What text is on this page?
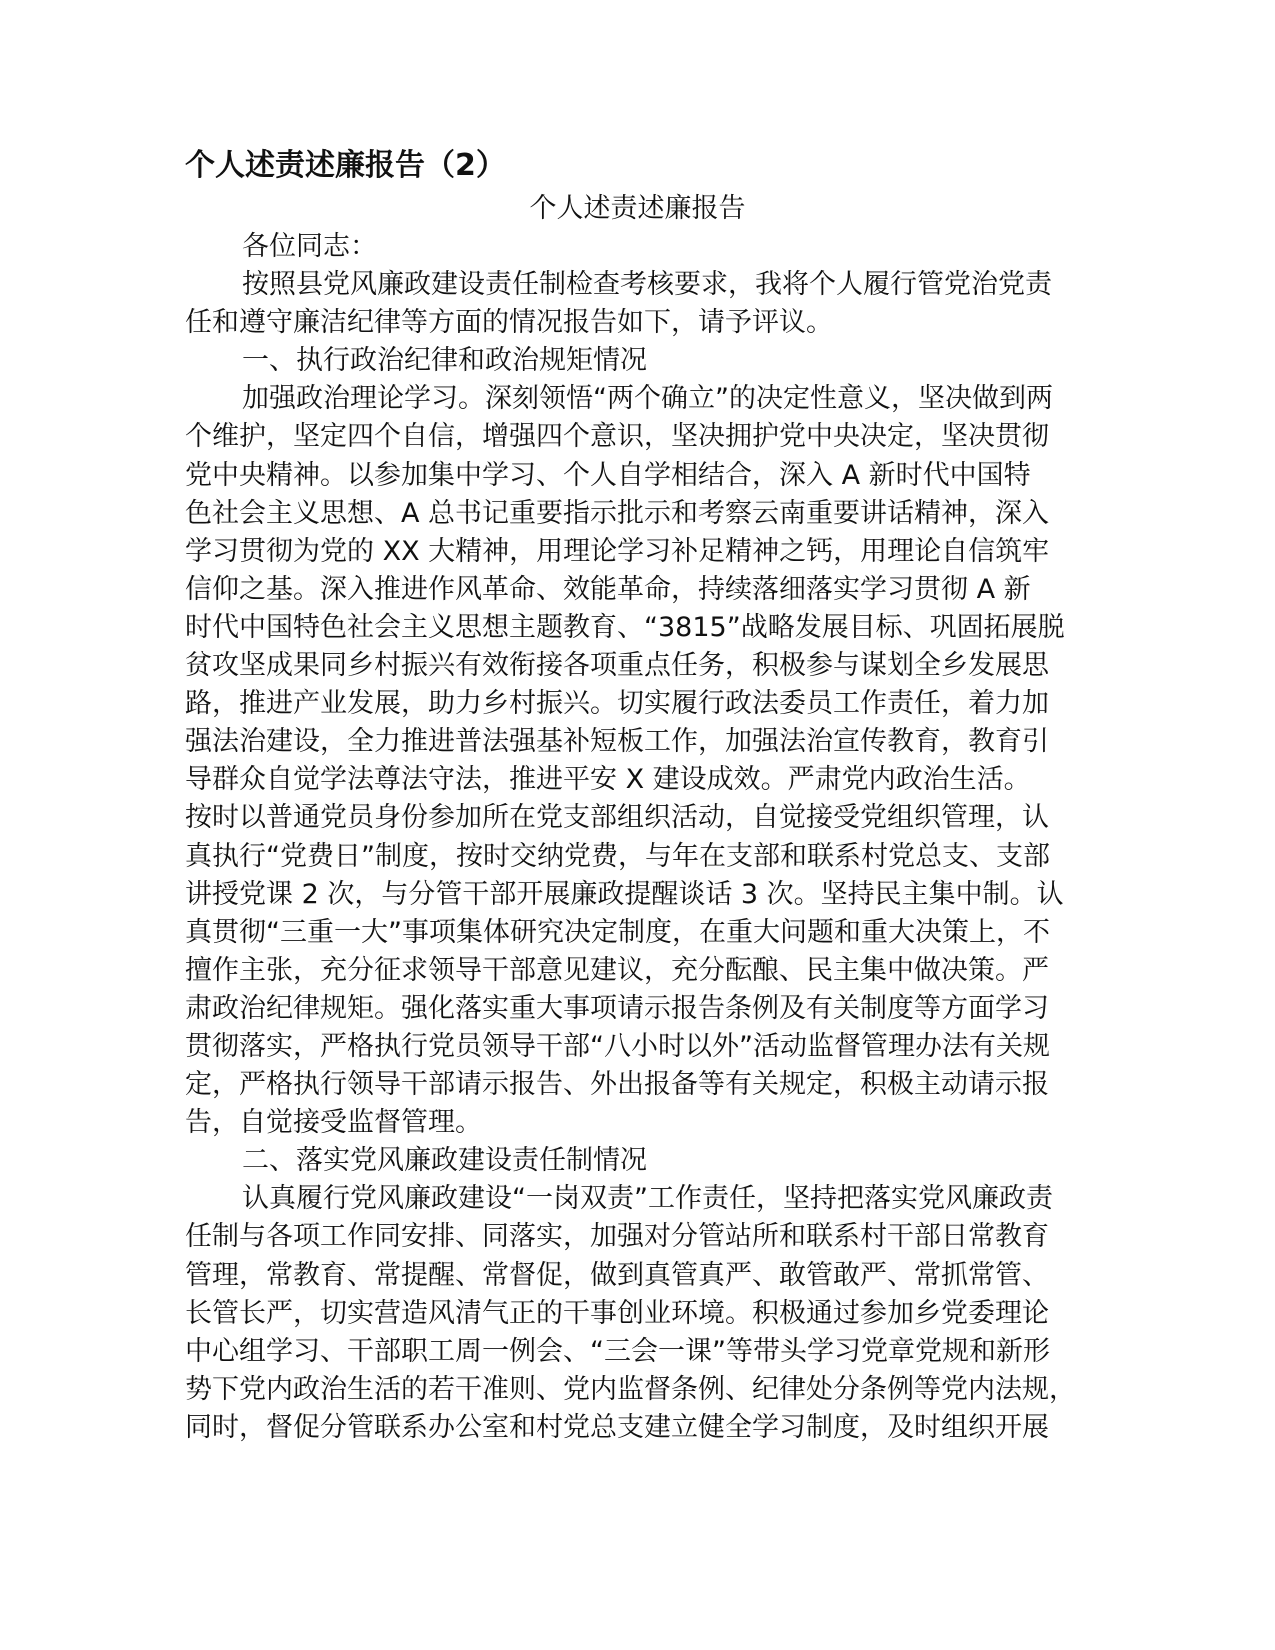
个人述责述廉报告（2）
个人述责述廉报告

各位同志：

按照县党风廉政建设责任制检查考核要求，我将个人履行管党治党责

任和遵守廉洁纪律等方面的情况报告如下，请予评议。

一、执行政治纪律和政治规矩情况

加强政治理论学习。深刻领悟“两个确立”的决定性意义，坚决做到两

个维护，坚定四个自信，增强四个意识，坚决拥护党中央决定，坚决贯彻

党中央精神。以参加集中学习、个人自学相结合，深入 A 新时代中国特

色社会主义思想、A 总书记重要指示批示和考察云南重要讲话精神，深入

学习贯彻为党的 XX 大精神，用理论学习补足精神之钙，用理论自信筑牢

信仰之基。深入推进作风革命、效能革命，持续落细落实学习贯彻 A 新

时代中国特色社会主义思想主题教育、“3815”战略发展目标、巩固拓展脱

贫攻坚成果同乡村振兴有效衔接各项重点任务，积极参与谋划全乡发展思

路，推进产业发展，助力乡村振兴。切实履行政法委员工作责任，着力加

强法治建设，全力推进普法强基补短板工作，加强法治宣传教育，教育引

导群众自觉学法尊法守法，推进平安 X 建设成效。严肃党内政治生活。

按时以普通党员身份参加所在党支部组织活动，自觉接受党组织管理，认

真执行“党费日”制度，按时交纳党费，与年在支部和联系村党总支、支部

讲授党课 2 次，与分管干部开展廉政提醒谈话 3 次。坚持民主集中制。认

真贯彻“三重一大”事项集体研究决定制度，在重大问题和重大决策上，不

擅作主张，充分征求领导干部意见建议，充分酝酿、民主集中做决策。严

肃政治纪律规矩。强化落实重大事项请示报告条例及有关制度等方面学习

贯彻落实，严格执行党员领导干部“八小时以外”活动监督管理办法有关规

定，严格执行领导干部请示报告、外出报备等有关规定，积极主动请示报

告，自觉接受监督管理。

二、落实党风廉政建设责任制情况

认真履行党风廉政建设“一岗双责”工作责任，坚持把落实党风廉政责

任制与各项工作同安排、同落实，加强对分管站所和联系村干部日常教育

管理，常教育、常提醒、常督促，做到真管真严、敢管敢严、常抓常管、

长管长严，切实营造风清气正的干事创业环境。积极通过参加乡党委理论

中心组学习、干部职工周一例会、“三会一课”等带头学习党章党规和新形

势下党内政治生活的若干准则、党内监督条例、纪律处分条例等党内法规，

同时，督促分管联系办公室和村党总支建立健全学习制度，及时组织开展
